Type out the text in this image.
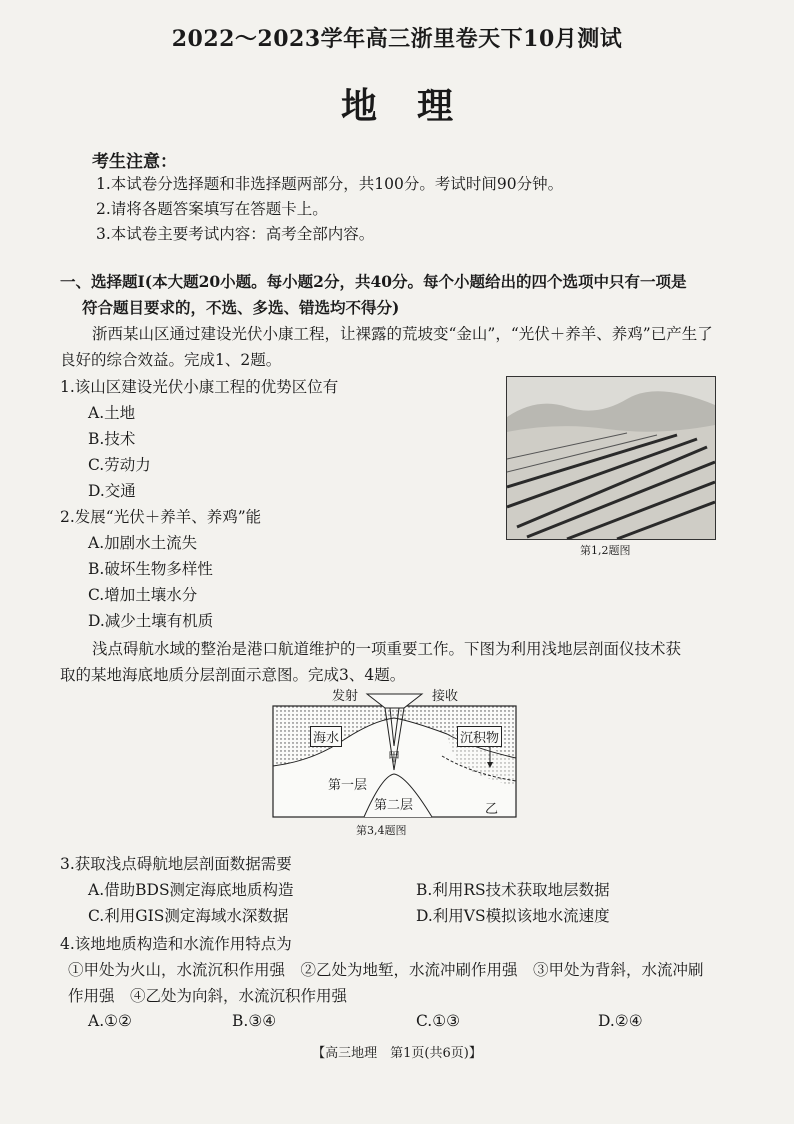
2022～2023学年高三浙里卷天下10月测试
地理
考生注意：
1.本试卷分选择题和非选择题两部分，共100分。考试时间90分钟。
2.请将各题答案填写在答题卡上。
3.本试卷主要考试内容：高考全部内容。
一、选择题Ⅰ(本大题20小题。每小题2分，共40分。每个小题给出的四个选项中只有一项是
符合题目要求的，不选、多选、错选均不得分)
浙西某山区通过建设光伏小康工程，让裸露的荒坡变“金山”，“光伏＋养羊、养鸡”已产生了
良好的综合效益。完成1、2题。
1.该山区建设光伏小康工程的优势区位有
A.土地
B.技术
C.劳动力
D.交通
2.发展“光伏＋养羊、养鸡”能
A.加剧水土流失
B.破坏生物多样性
C.增加土壤水分
D.减少土壤有机质
第1,2题图
浅点碍航水域的整治是港口航道维护的一项重要工作。下图为利用浅地层剖面仪技术获
取的某地海底地质分层剖面示意图。完成3、4题。
发射	接收
海水	沉积物
甲
第一层
第二层	乙
第3,4题图
3.获取浅点碍航地层剖面数据需要
A.借助BDS测定海底地质构造	B.利用RS技术获取地层数据
C.利用GIS测定海域水深数据	D.利用VS模拟该地水流速度
4.该地地质构造和水流作用特点为
①甲处为火山，水流沉积作用强　②乙处为地堑，水流冲刷作用强　③甲处为背斜，水流冲刷
作用强　④乙处为向斜，水流沉积作用强
A.①②	B.③④	C.①③	D.②④
【高三地理　第1页(共6页)】
